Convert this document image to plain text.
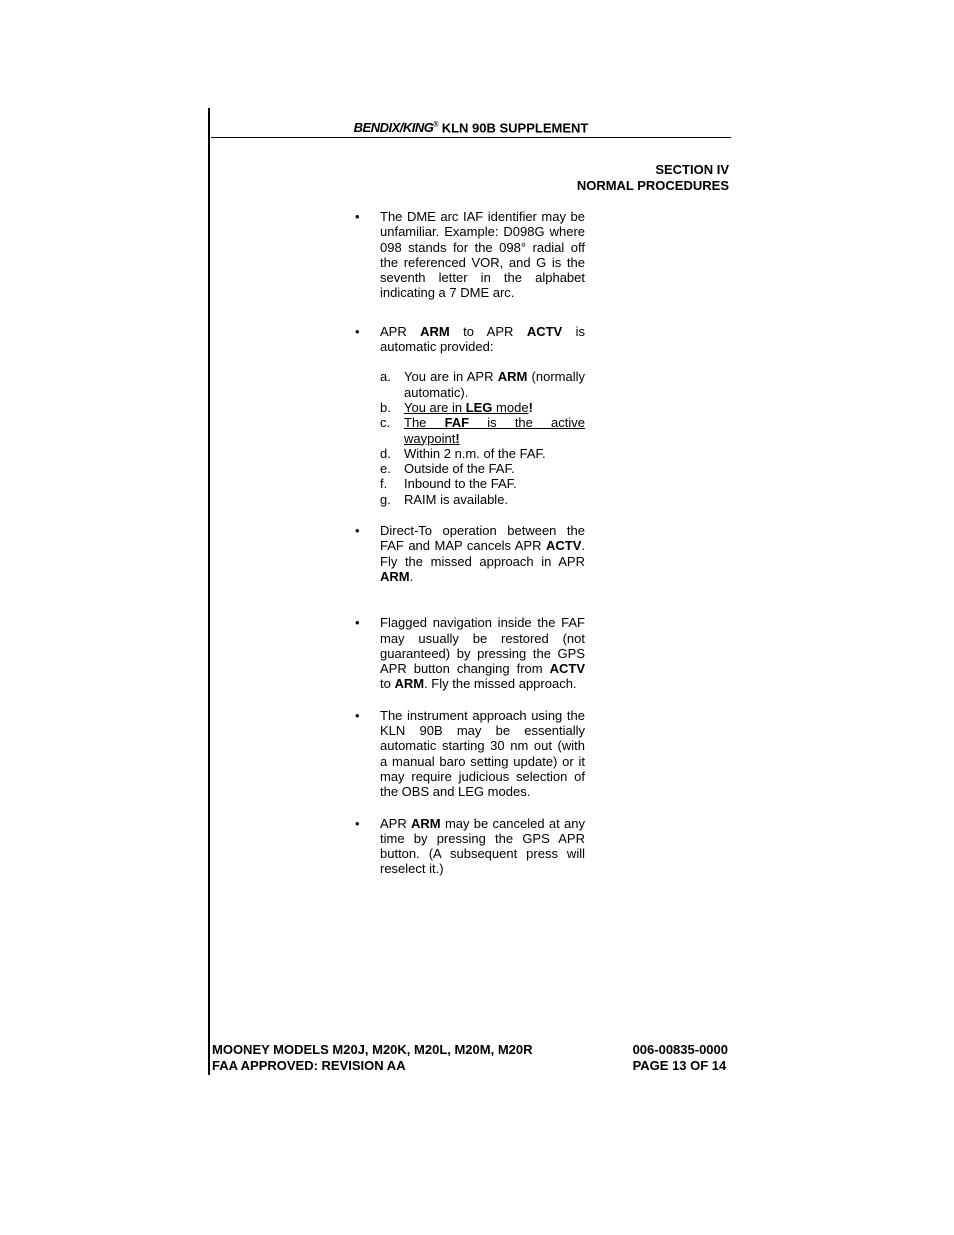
BENDIX/KING® KLN 90B SUPPLEMENT
SECTION IV
NORMAL PROCEDURES
• The DME arc IAF identifier may be unfamiliar. Example: D098G where 098 stands for the 098° radial off the referenced VOR, and G is the seventh letter in the alphabet indicating a 7 DME arc.
• APR ARM to APR ACTV is automatic provided:
a. You are in APR ARM (normally automatic).
b. You are in LEG mode!
c. The FAF is the active waypoint!
d. Within 2 n.m. of the FAF.
e. Outside of the FAF.
f. Inbound to the FAF.
g. RAIM is available.
• Direct-To operation between the FAF and MAP cancels APR ACTV. Fly the missed approach in APR ARM.
• Flagged navigation inside the FAF may usually be restored (not guaranteed) by pressing the GPS APR button changing from ACTV to ARM. Fly the missed approach.
• The instrument approach using the KLN 90B may be essentially automatic starting 30 nm out (with a manual baro setting update) or it may require judicious selection of the OBS and LEG modes.
• APR ARM may be canceled at any time by pressing the GPS APR button. (A subsequent press will reselect it.)
MOONEY MODELS M20J, M20K, M20L, M20M, M20R
FAA APPROVED: REVISION AA
006-00835-0000
PAGE 13 OF 14
